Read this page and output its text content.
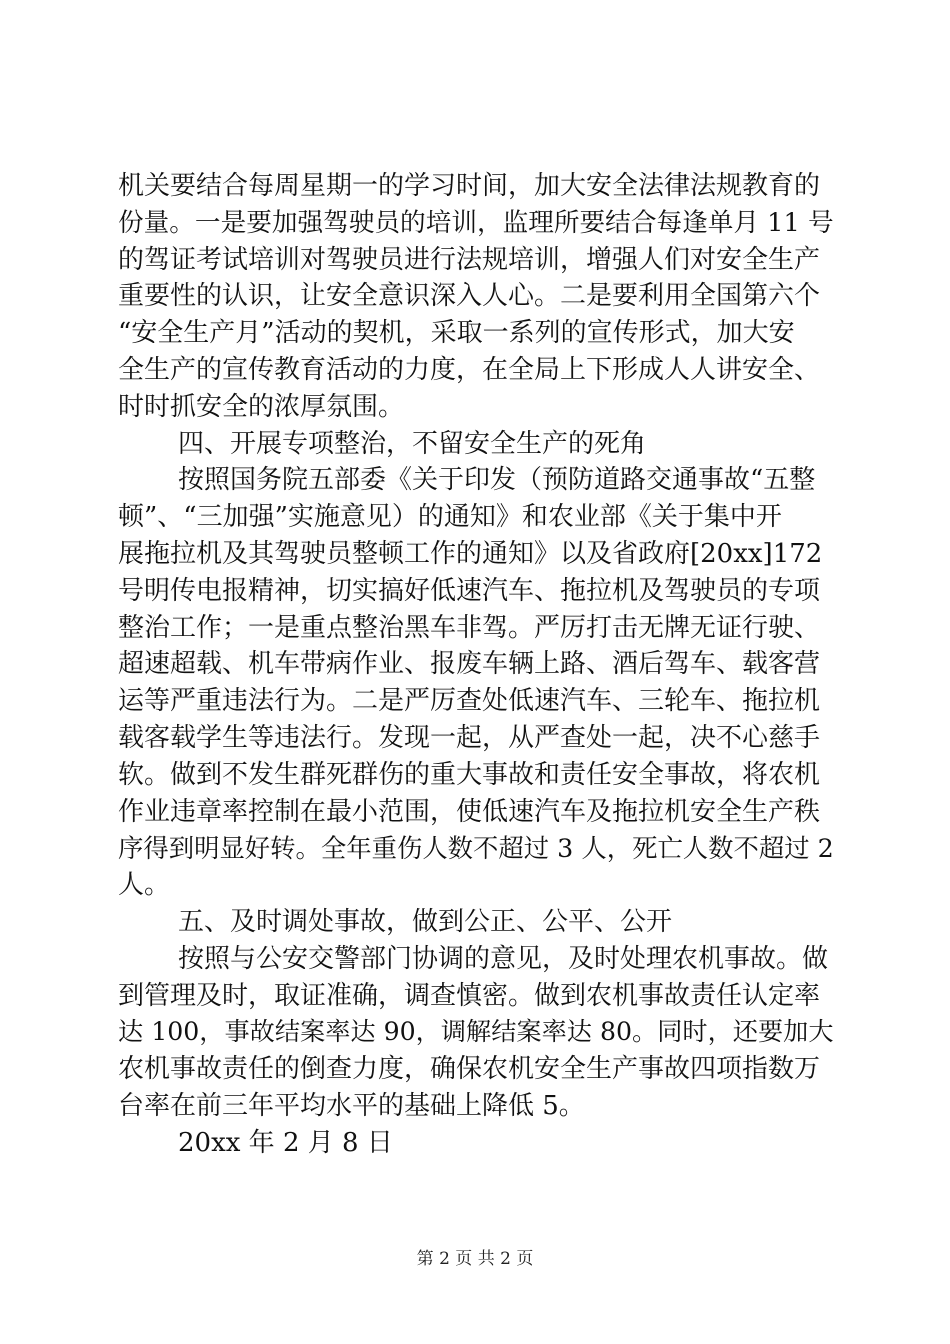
机关要结合每周星期一的学习时间，加大安全法律法规教育的
份量。一是要加强驾驶员的培训，监理所要结合每逢单月 11 号
的驾证考试培训对驾驶员进行法规培训，增强人们对安全生产
重要性的认识，让安全意识深入人心。二是要利用全国第六个
“安全生产月”活动的契机，采取一系列的宣传形式，加大安
全生产的宣传教育活动的力度，在全局上下形成人人讲安全、
时时抓安全的浓厚氛围。
四、开展专项整治，不留安全生产的死角
按照国务院五部委《关于印发（预防道路交通事故“五整
顿”、“三加强”实施意见）的通知》和农业部《关于集中开
展拖拉机及其驾驶员整顿工作的通知》以及省政府[20xx]172
号明传电报精神，切实搞好低速汽车、拖拉机及驾驶员的专项
整治工作；一是重点整治黑车非驾。严厉打击无牌无证行驶、
超速超载、机车带病作业、报废车辆上路、酒后驾车、载客营
运等严重违法行为。二是严厉查处低速汽车、三轮车、拖拉机
载客载学生等违法行。发现一起，从严查处一起，决不心慈手
软。做到不发生群死群伤的重大事故和责任安全事故，将农机
作业违章率控制在最小范围，使低速汽车及拖拉机安全生产秩
序得到明显好转。全年重伤人数不超过 3 人，死亡人数不超过 2
人。
五、及时调处事故，做到公正、公平、公开
按照与公安交警部门协调的意见，及时处理农机事故。做
到管理及时，取证准确，调查慎密。做到农机事故责任认定率
达 100，事故结案率达 90，调解结案率达 80。同时，还要加大
农机事故责任的倒查力度，确保农机安全生产事故四项指数万
台率在前三年平均水平的基础上降低 5。
20xx 年 2 月 8 日
第 2 页 共 2 页
